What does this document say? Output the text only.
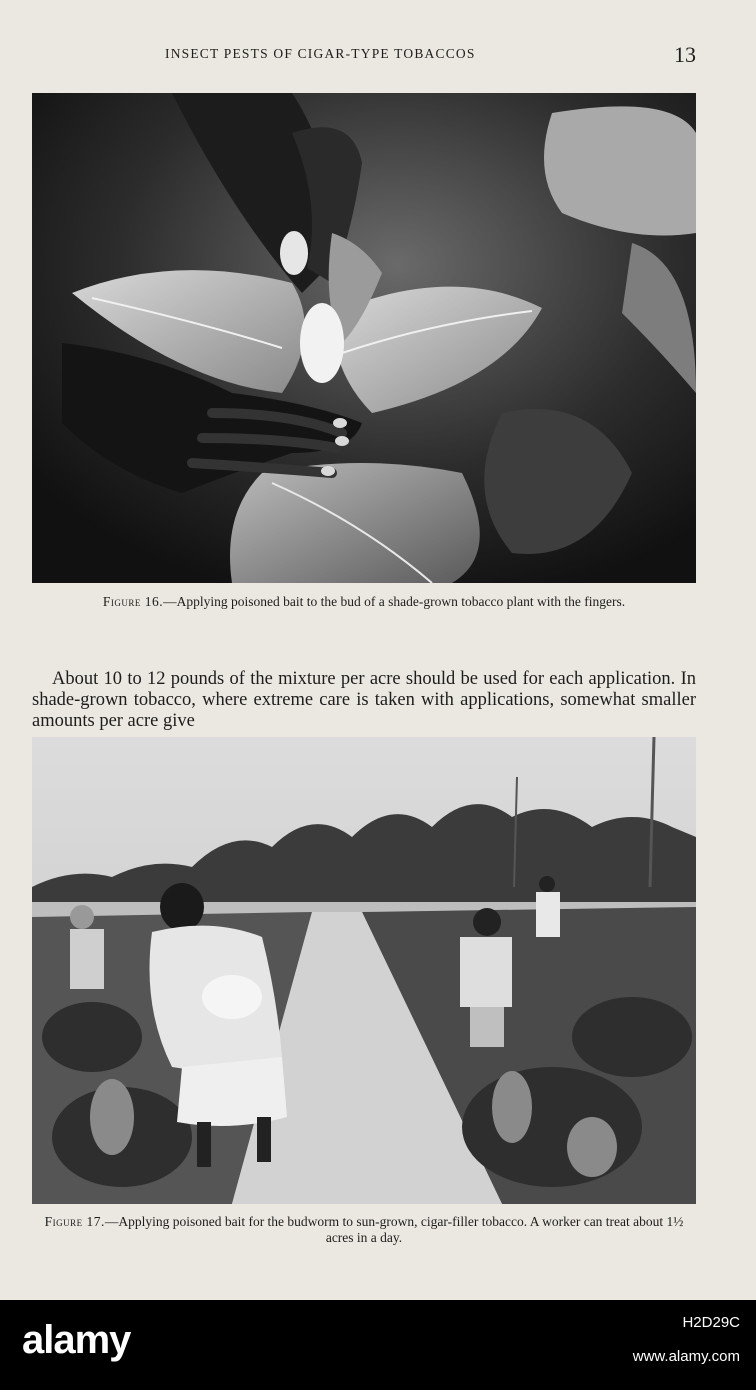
INSECT PESTS OF CIGAR-TYPE TOBACCOS	13
Figure 16.—Applying poisoned bait to the bud of a shade-grown tobacco plant with the fingers.

About 10 to 12 pounds of the mixture per acre should be used for each application. In shade-grown tobacco, where extreme care is taken with applications, somewhat smaller amounts per acre give

Figure 17.—Applying poisoned bait for the budworm to sun-grown, cigar-filler tobacco. A worker can treat about 1½ acres in a day.
alamy	H2D29C
www.alamy.com
